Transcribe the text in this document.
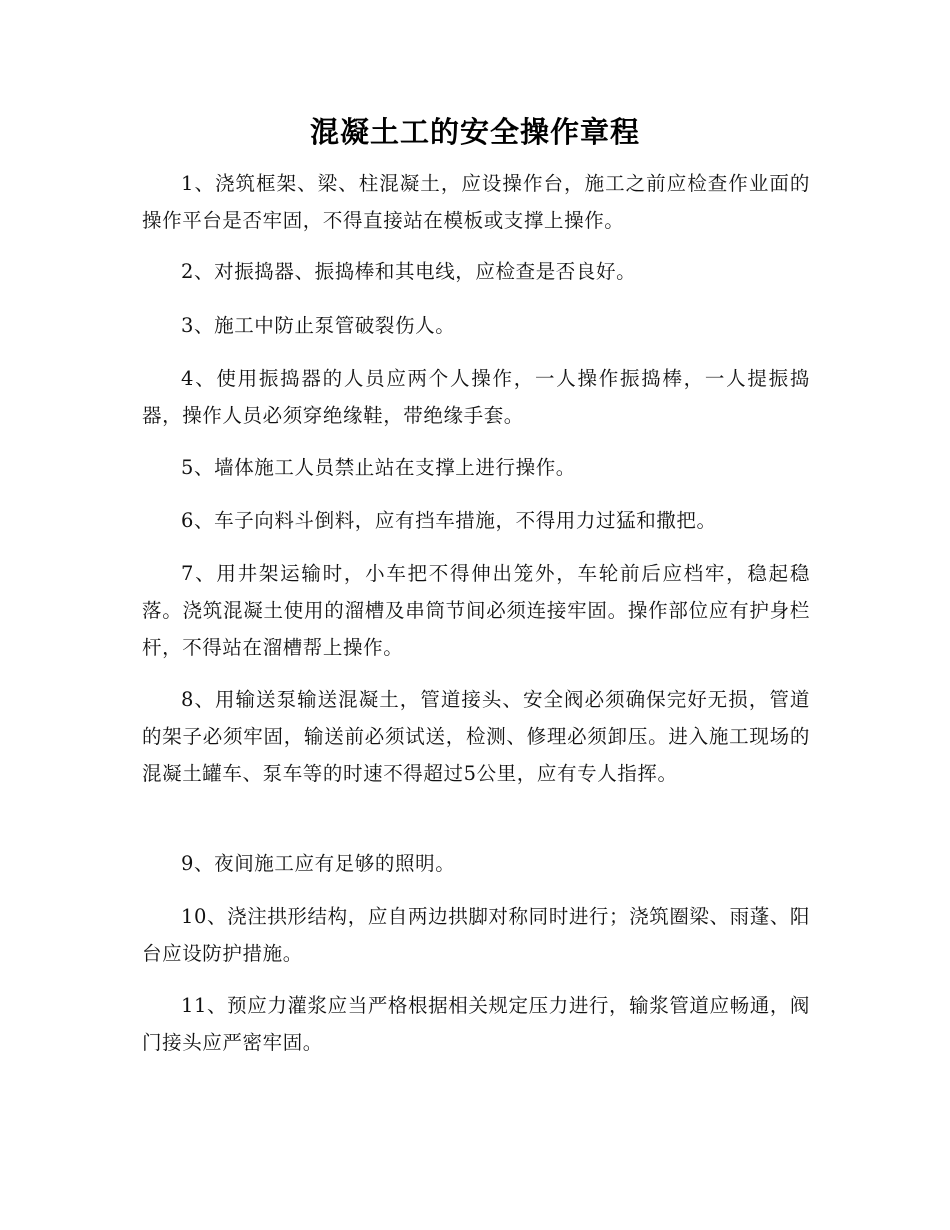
混凝土工的安全操作章程

1、浇筑框架、梁、柱混凝土，应设操作台，施工之前应检查作业面的操作平台是否牢固，不得直接站在模板或支撑上操作。

2、对振捣器、振捣棒和其电线，应检查是否良好。

3、施工中防止泵管破裂伤人。

4、使用振捣器的人员应两个人操作，一人操作振捣棒，一人提振捣器，操作人员必须穿绝缘鞋，带绝缘手套。

5、墙体施工人员禁止站在支撑上进行操作。

6、车子向料斗倒料，应有挡车措施，不得用力过猛和撒把。

7、用井架运输时，小车把不得伸出笼外，车轮前后应档牢，稳起稳落。浇筑混凝土使用的溜槽及串筒节间必须连接牢固。操作部位应有护身栏杆，不得站在溜槽帮上操作。

8、用输送泵输送混凝土，管道接头、安全阀必须确保完好无损，管道的架子必须牢固，输送前必须试送，检测、修理必须卸压。进入施工现场的混凝土罐车、泵车等的时速不得超过5公里，应有专人指挥。

9、夜间施工应有足够的照明。

10、浇注拱形结构，应自两边拱脚对称同时进行；浇筑圈梁、雨蓬、阳台应设防护措施。

11、预应力灌浆应当严格根据相关规定压力进行，输浆管道应畅通，阀门接头应严密牢固。
